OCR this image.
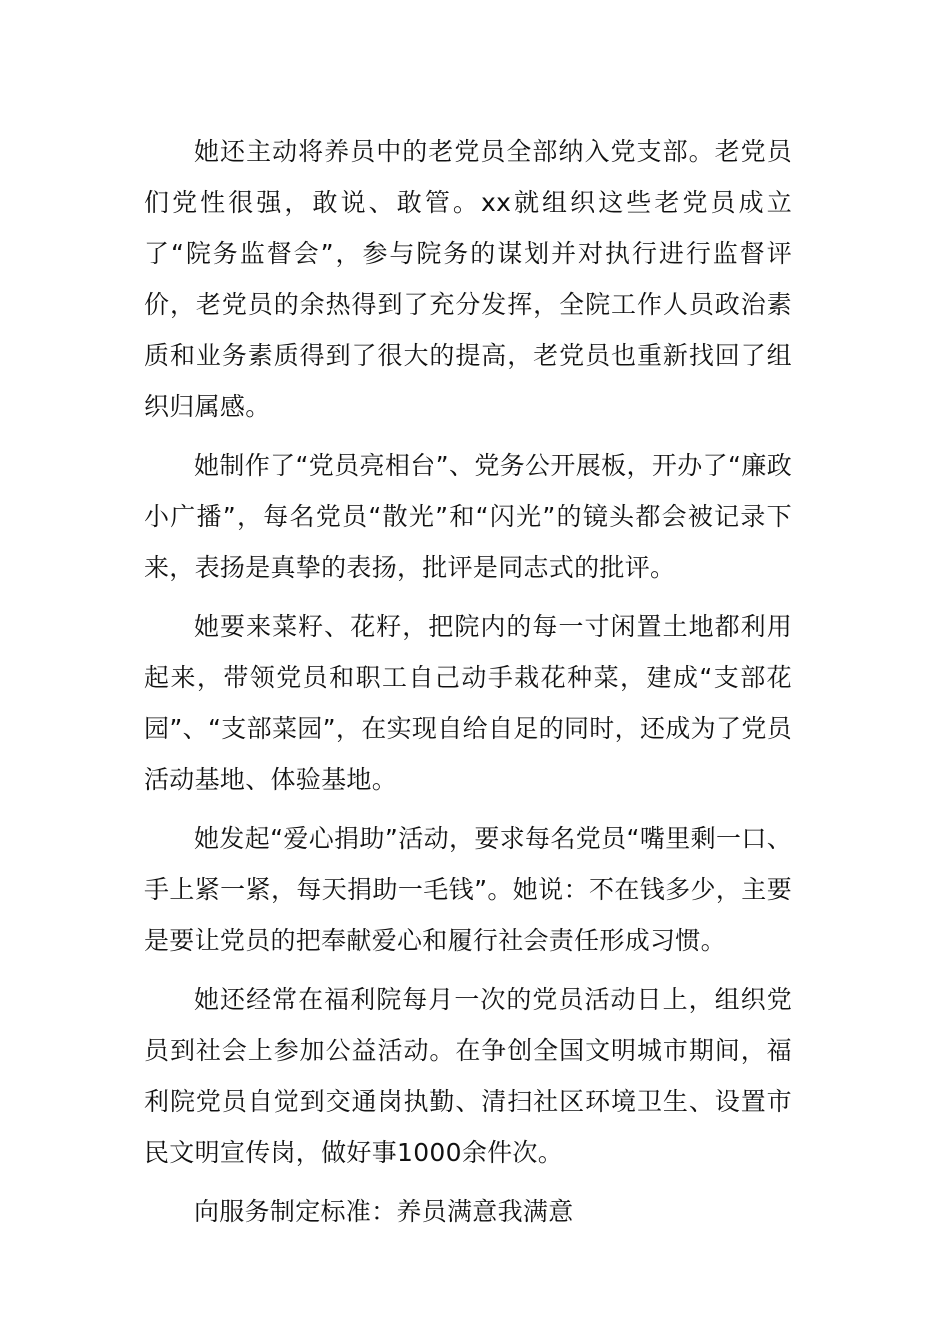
她还主动将养员中的老党员全部纳入党支部。老党员们党性很强，敢说、敢管。xx就组织这些老党员成立了“院务监督会”，参与院务的谋划并对执行进行监督评价，老党员的余热得到了充分发挥，全院工作人员政治素质和业务素质得到了很大的提高，老党员也重新找回了组织归属感。

她制作了“党员亮相台”、党务公开展板，开办了“廉政小广播”，每名党员“散光”和“闪光”的镜头都会被记录下来，表扬是真挚的表扬，批评是同志式的批评。

她要来菜籽、花籽，把院内的每一寸闲置土地都利用起来，带领党员和职工自己动手栽花种菜，建成“支部花园”、“支部菜园”，在实现自给自足的同时，还成为了党员活动基地、体验基地。

她发起“爱心捐助”活动，要求每名党员“嘴里剩一口、手上紧一紧，每天捐助一毛钱”。她说：不在钱多少，主要是要让党员的把奉献爱心和履行社会责任形成习惯。

她还经常在福利院每月一次的党员活动日上，组织党员到社会上参加公益活动。在争创全国文明城市期间，福利院党员自觉到交通岗执勤、清扫社区环境卫生、设置市民文明宣传岗，做好事1000余件次。

向服务制定标准：养员满意我满意
